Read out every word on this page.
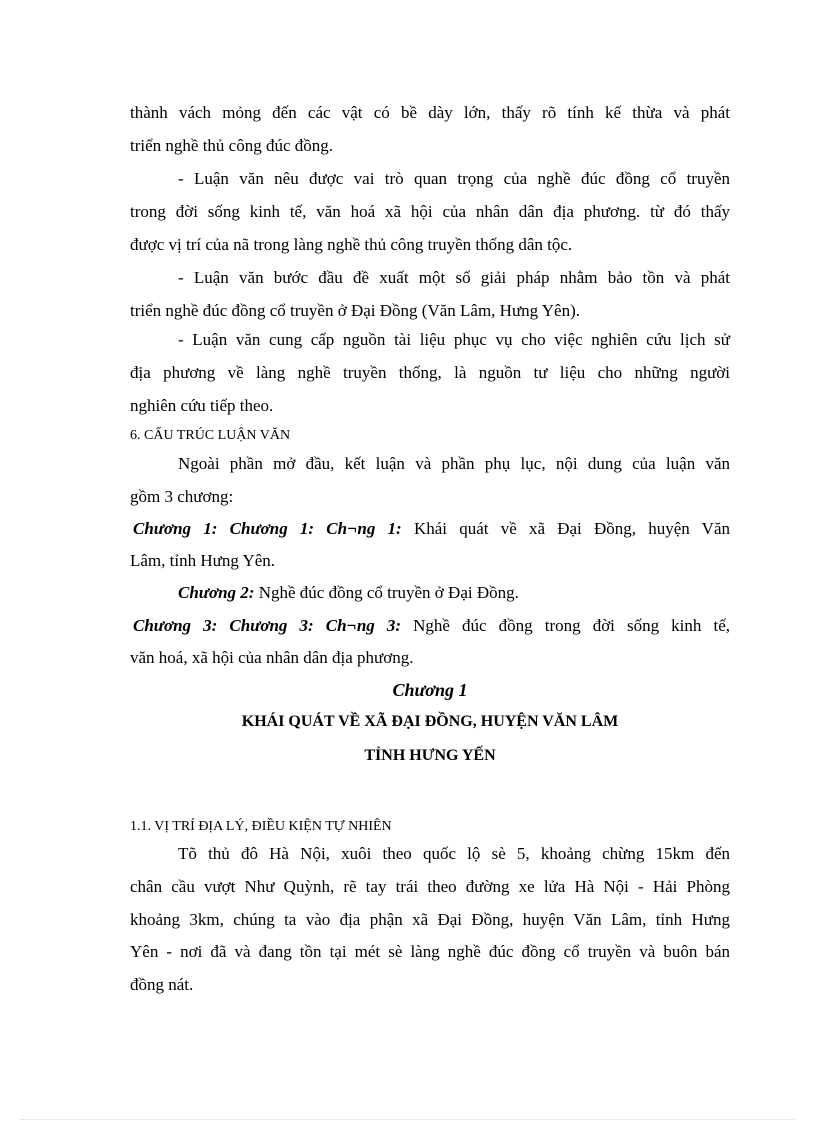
thành vách mỏng đến các vật có bề dày lớn, thấy rõ tính kế thừa và phát
triển nghề thủ công đúc đồng.
- Luận văn nêu được vai trò quan trọng của nghề đúc đồng cổ truyền
trong đời sống kinh tế, văn hoá xã hội của nhân dân địa phương. từ đó thấy
được vị trí của nã trong làng nghề thủ công truyền thống dân tộc.
- Luận văn bước đầu đề xuất một số giải pháp nhằm bảo tồn và phát
triển nghề đúc đồng cổ truyền ở Đại Đồng (Văn Lâm, Hưng Yên).
- Luận văn cung cấp nguồn tài liệu phục vụ cho việc nghiên cứu lịch sử
địa phương về làng nghề truyền thống, là nguồn tư liệu cho những người
nghiên cứu tiếp theo.
6. CẤU TRÚC LUẬN VĂN
Ngoài phần mở đầu, kết luận và phần phụ lục, nội dung của luận văn
gồm 3 chương:
Chương 1: Chương 1: Ch¬ng 1: Khái quát về xã Đại Đồng, huyện Văn
Lâm, tỉnh Hưng Yên.
Chương 2: Nghề đúc đồng cổ truyền ở Đại Đồng.
Chương 3: Chương 3: Ch¬ng 3: Nghề đúc đồng trong đời sống kinh tế,
văn hoá, xã hội của nhân dân địa phương.
Chương 1
KHÁI QUÁT VỀ XÃ ĐẠI ĐỒNG, HUYỆN VĂN LÂM
TỈNH HƯNG YẾN
1.1. VỊ TRÍ ĐỊA LÝ, ĐIỀU KIỆN TỰ NHIÊN
Tõ thủ đô Hà Nội, xuôi theo quốc lộ sè 5, khoảng chừng 15km đến
chân cầu vượt Như Quỳnh, rẽ tay trái theo đường xe lửa Hà Nội - Hải Phòng
khoảng 3km, chúng ta vào địa phận xã Đại Đồng, huyện Văn Lâm, tỉnh Hưng
Yên - nơi đã và đang tồn tại mét sè làng nghề đúc đồng cổ truyền và buôn bán
đồng nát.
